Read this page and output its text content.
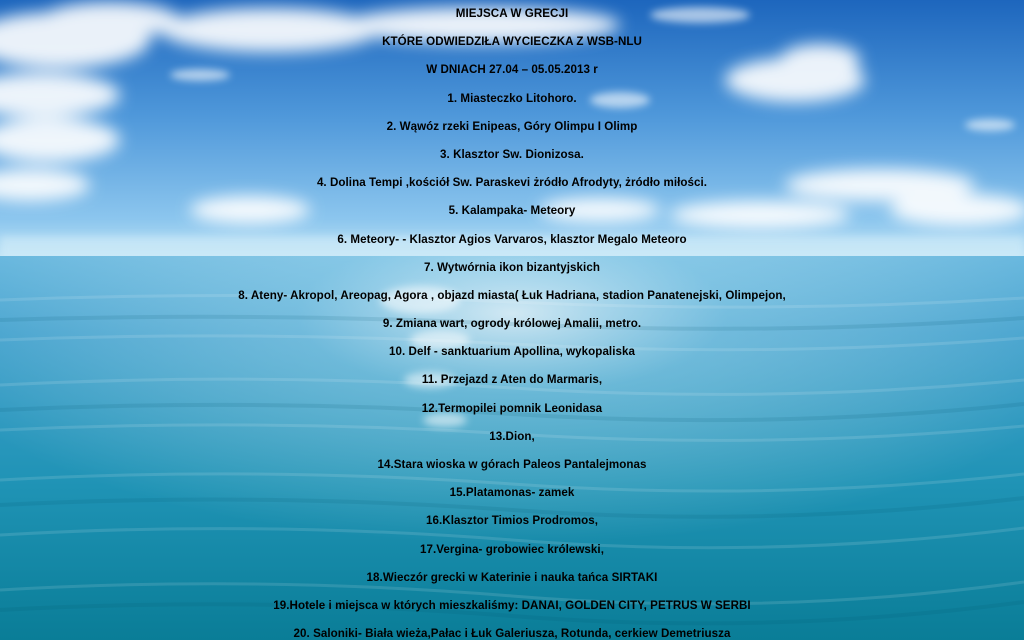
MIEJSCA W GRECJI
KTÓRE ODWIEDZIŁA WYCIECZKA Z WSB-NLU
W DNIACH 27.04 – 05.05.2013 r
1. Miasteczko Litohoro.
2. Wąwóz rzeki Enipeas, Góry Olimpu I Olimp
3. Klasztor Sw. Dionizosa.
4. Dolina Tempi ,kościół Sw. Paraskevi żródło Afrodyty, żródło miłości.
5. Kalampaka- Meteory
6. Meteory- - Klasztor Agios Varvaros, klasztor Megalo Meteoro
7. Wytwórnia ikon bizantyjskich
8. Ateny- Akropol, Areopag, Agora , objazd miasta( Łuk Hadriana, stadion Panatenejski, Olimpejon,
9. Zmiana wart, ogrody królowej Amalii, metro.
10. Delf - sanktuarium Apollina, wykopaliska
11. Przejazd z Aten do Marmaris,
12.Termopilei pomnik Leonidasa
13.Dion,
14.Stara wioska w górach Paleos Pantalejmonas
15.Platamonas- zamek
16.Klasztor Timios Prodromos,
17.Vergina- grobowiec królewski,
18.Wieczór grecki w Katerinie i nauka tańca SIRTAKI
19.Hotele i miejsca w których mieszkaliśmy: DANAI, GOLDEN CITY, PETRUS W SERBI
20. Saloniki- Biała wieża,Pałac i Łuk Galeriusza, Rotunda, cerkiew Demetriusza
